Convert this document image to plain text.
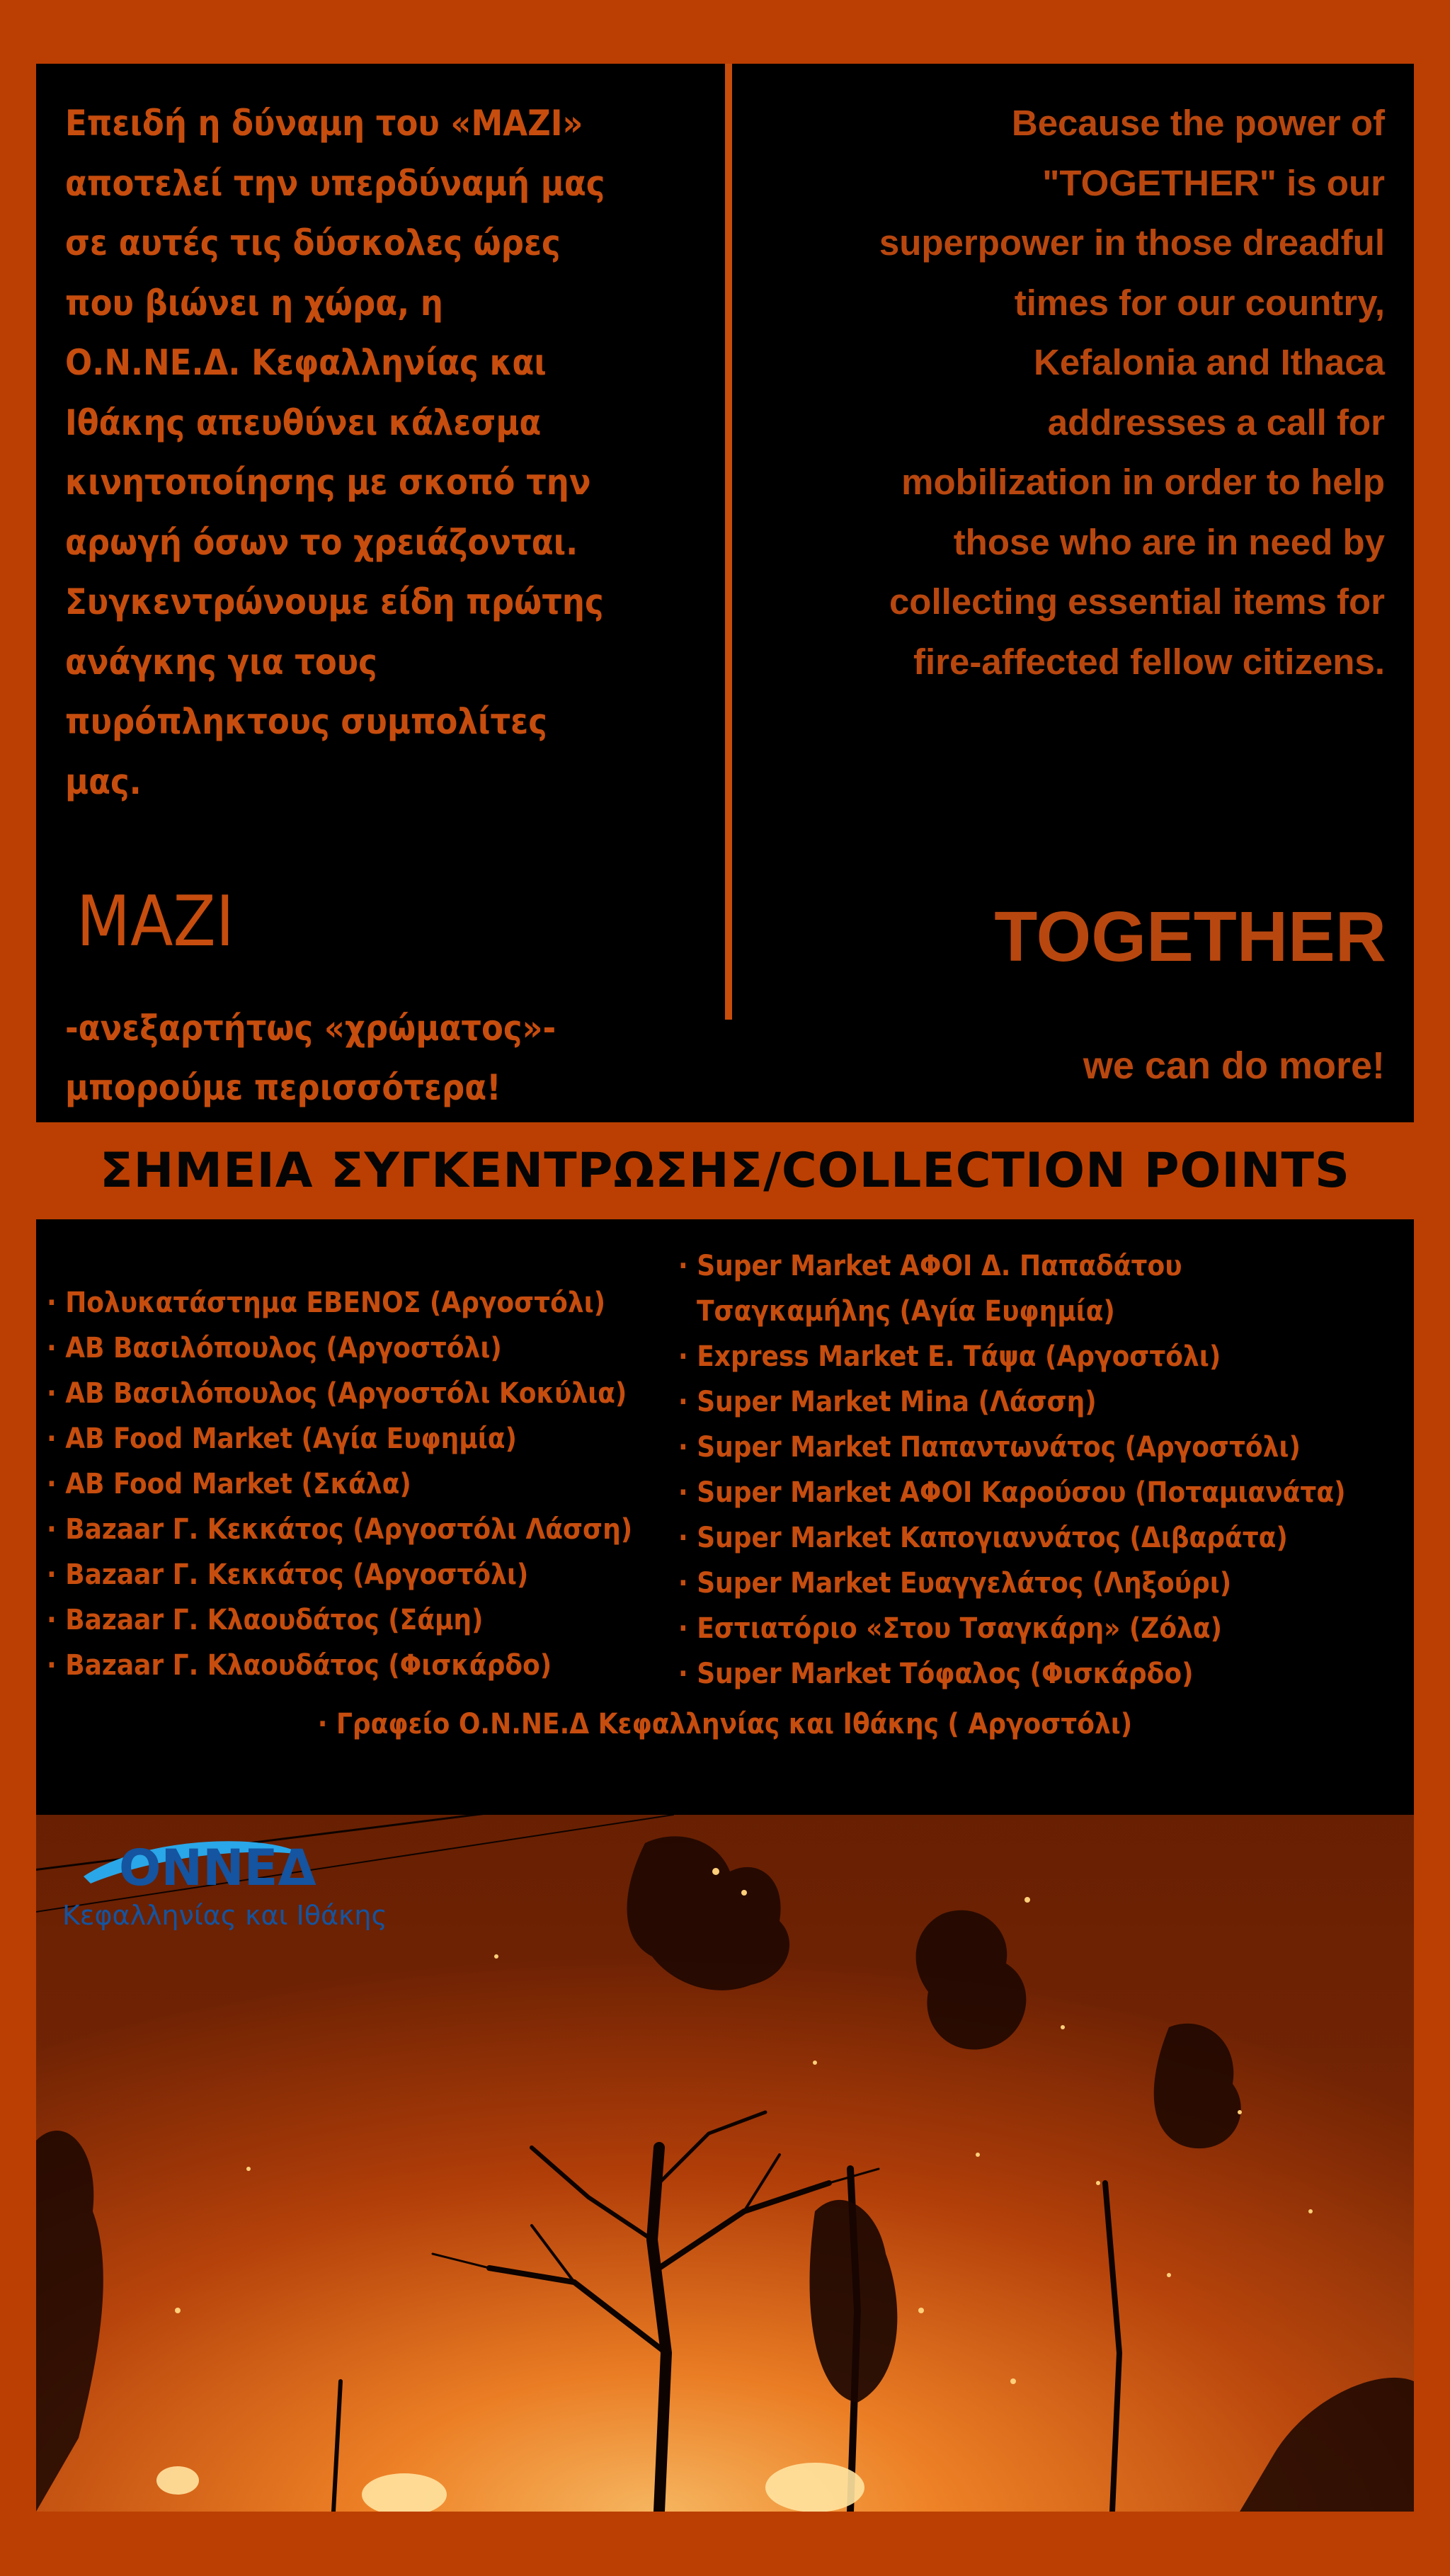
Επειδή η δύναμη του «MAZI»
αποτελεί την υπερδύναμή μας
σε αυτές τις δύσκολες ώρες
που βιώνει η χώρα, η
Ο.Ν.ΝΕ.Δ. Κεφαλληνίας και
Ιθάκης απευθύνει κάλεσμα
κινητοποίησης με σκοπό την
αρωγή όσων το χρειάζονται.
Συγκεντρώνουμε είδη πρώτης
ανάγκης για τους
πυρόπληκτους συμπολίτες
μας.
MAZI
-ανεξαρτήτως «χρώματος»-
μπορούμε περισσότερα!
Because the power of
"TOGETHER" is our
superpower in those dreadful
times for our country,
Kefalonia and Ithaca
addresses a call for
mobilization in order to help
those who are in need by
collecting essential items for
fire-affected fellow citizens.
TOGETHER
we can do more!
ΣΗΜΕΙΑ ΣΥΓΚΕΝΤΡΩΣΗΣ/COLLECTION POINTS
· Πολυκατάστημα ΕΒΕΝΟΣ (Αργοστόλι)
· AB Βασιλόπουλος (Αργοστόλι)
· AB Βασιλόπουλος (Αργοστόλι Κοκύλια)
· AB Food Market (Αγία Ευφημία)
· AB Food Market (Σκάλα)
· Bazaar Γ. Κεκκάτος (Αργοστόλι Λάσση)
· Bazaar Γ. Κεκκάτος (Αργοστόλι)
· Bazaar Γ. Κλαουδάτος (Σάμη)
· Bazaar Γ. Κλαουδάτος (Φισκάρδο)
· Super Market ΑΦΟΙ Δ. Παπαδάτου
Τσαγκαμήλης (Αγία Ευφημία)
· Express Market Ε. Τάψα (Αργοστόλι)
· Super Market Mina (Λάσση)
· Super Market Παπαντωνάτος (Αργοστόλι)
· Super Market ΑΦΟΙ Καρούσου (Ποταμιανάτα)
· Super Market Καπογιαννάτος (Διβαράτα)
· Super Market Ευαγγελάτος (Ληξούρι)
· Εστιατόριο «Στου Τσαγκάρη» (Ζόλα)
· Super Market Τόφαλος (Φισκάρδο)
· Γραφείο Ο.Ν.ΝΕ.Δ Κεφαλληνίας και Ιθάκης ( Αργοστόλι)
ΟΝΝΕΔ
Κεφαλληνίας και Ιθάκης
